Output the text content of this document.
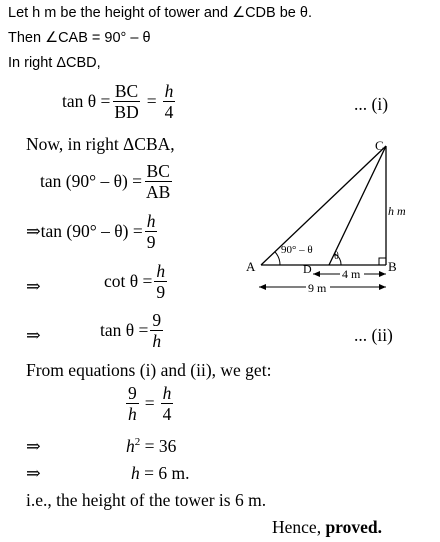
Let h m be the height of tower and ∠CDB be θ.
Then ∠CAB = 90° – θ
In right ΔCBD,
$\tan \theta = \frac{BC}{BD} = \frac{h}{4}$	... (i)
Now, in right ΔCBA,
$\tan (90^\circ - \theta) = \frac{BC}{AB}$
⇒tan $(90^\circ - \theta) = \frac{h}{9}$
⇒	$\cot \theta = \frac{h}{9}$
⇒	$\tan \theta = \frac{9}{h}$	... (ii)
From equations (i) and (ii), we get:
$\frac{9}{h} = \frac{h}{4}$
⇒	$h^2 = 36$
⇒	h = 6 m.
i.e., the height of the tower is 6 m.
Hence, proved.
C
A	B
D
h m
90° – θ
θ
4 m
9 m
